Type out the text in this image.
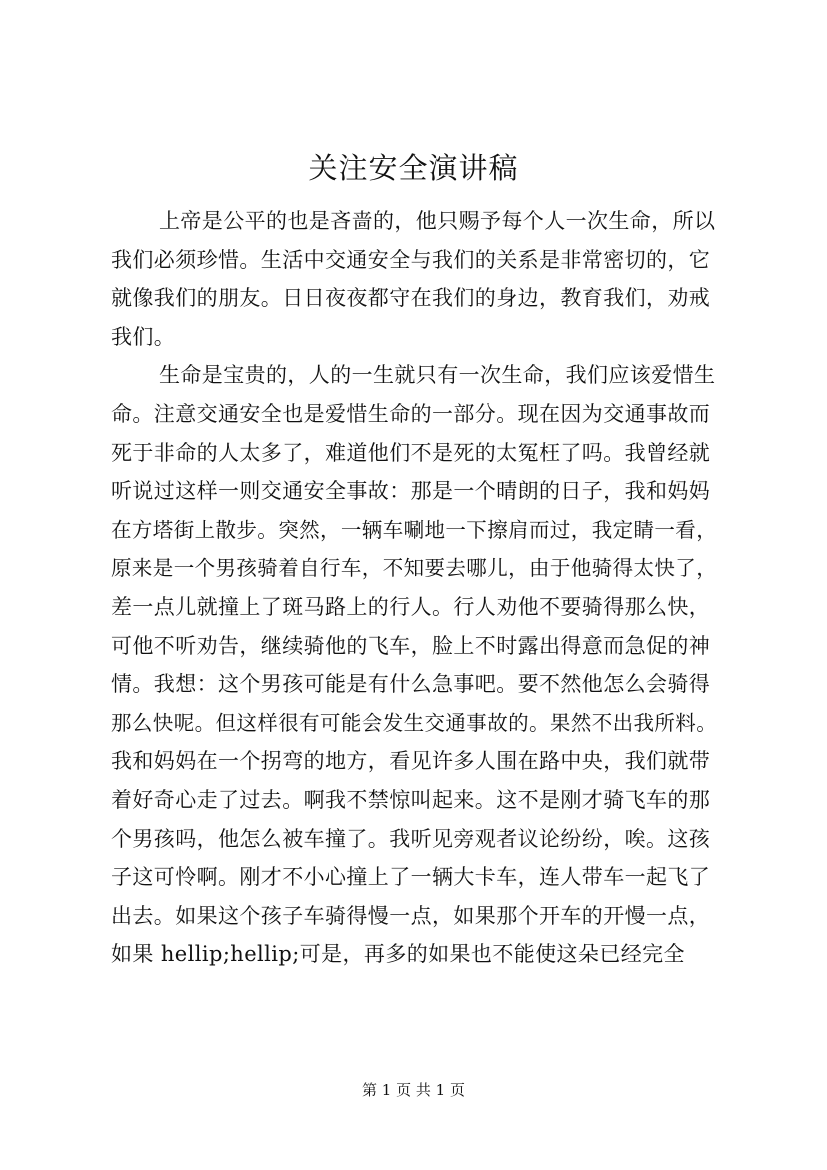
关注安全演讲稿
上帝是公平的也是吝啬的，他只赐予每个人一次生命，所以
我们必须珍惜。生活中交通安全与我们的关系是非常密切的，它
就像我们的朋友。日日夜夜都守在我们的身边，教育我们，劝戒
我们。
生命是宝贵的，人的一生就只有一次生命，我们应该爱惜生
命。注意交通安全也是爱惜生命的一部分。现在因为交通事故而
死于非命的人太多了，难道他们不是死的太冤枉了吗。我曾经就
听说过这样一则交通安全事故：那是一个晴朗的日子，我和妈妈
在方塔街上散步。突然，一辆车唰地一下擦肩而过，我定睛一看，
原来是一个男孩骑着自行车，不知要去哪儿，由于他骑得太快了，
差一点儿就撞上了斑马路上的行人。行人劝他不要骑得那么快，
可他不听劝告，继续骑他的飞车，脸上不时露出得意而急促的神
情。我想：这个男孩可能是有什么急事吧。要不然他怎么会骑得
那么快呢。但这样很有可能会发生交通事故的。果然不出我所料。
我和妈妈在一个拐弯的地方，看见许多人围在路中央，我们就带
着好奇心走了过去。啊我不禁惊叫起来。这不是刚才骑飞车的那
个男孩吗，他怎么被车撞了。我听见旁观者议论纷纷，唉。这孩
子这可怜啊。刚才不小心撞上了一辆大卡车，连人带车一起飞了
出去。如果这个孩子车骑得慢一点，如果那个开车的开慢一点，
如果 hellip;hellip;可是，再多的如果也不能使这朵已经完全
第 1 页 共 1 页
